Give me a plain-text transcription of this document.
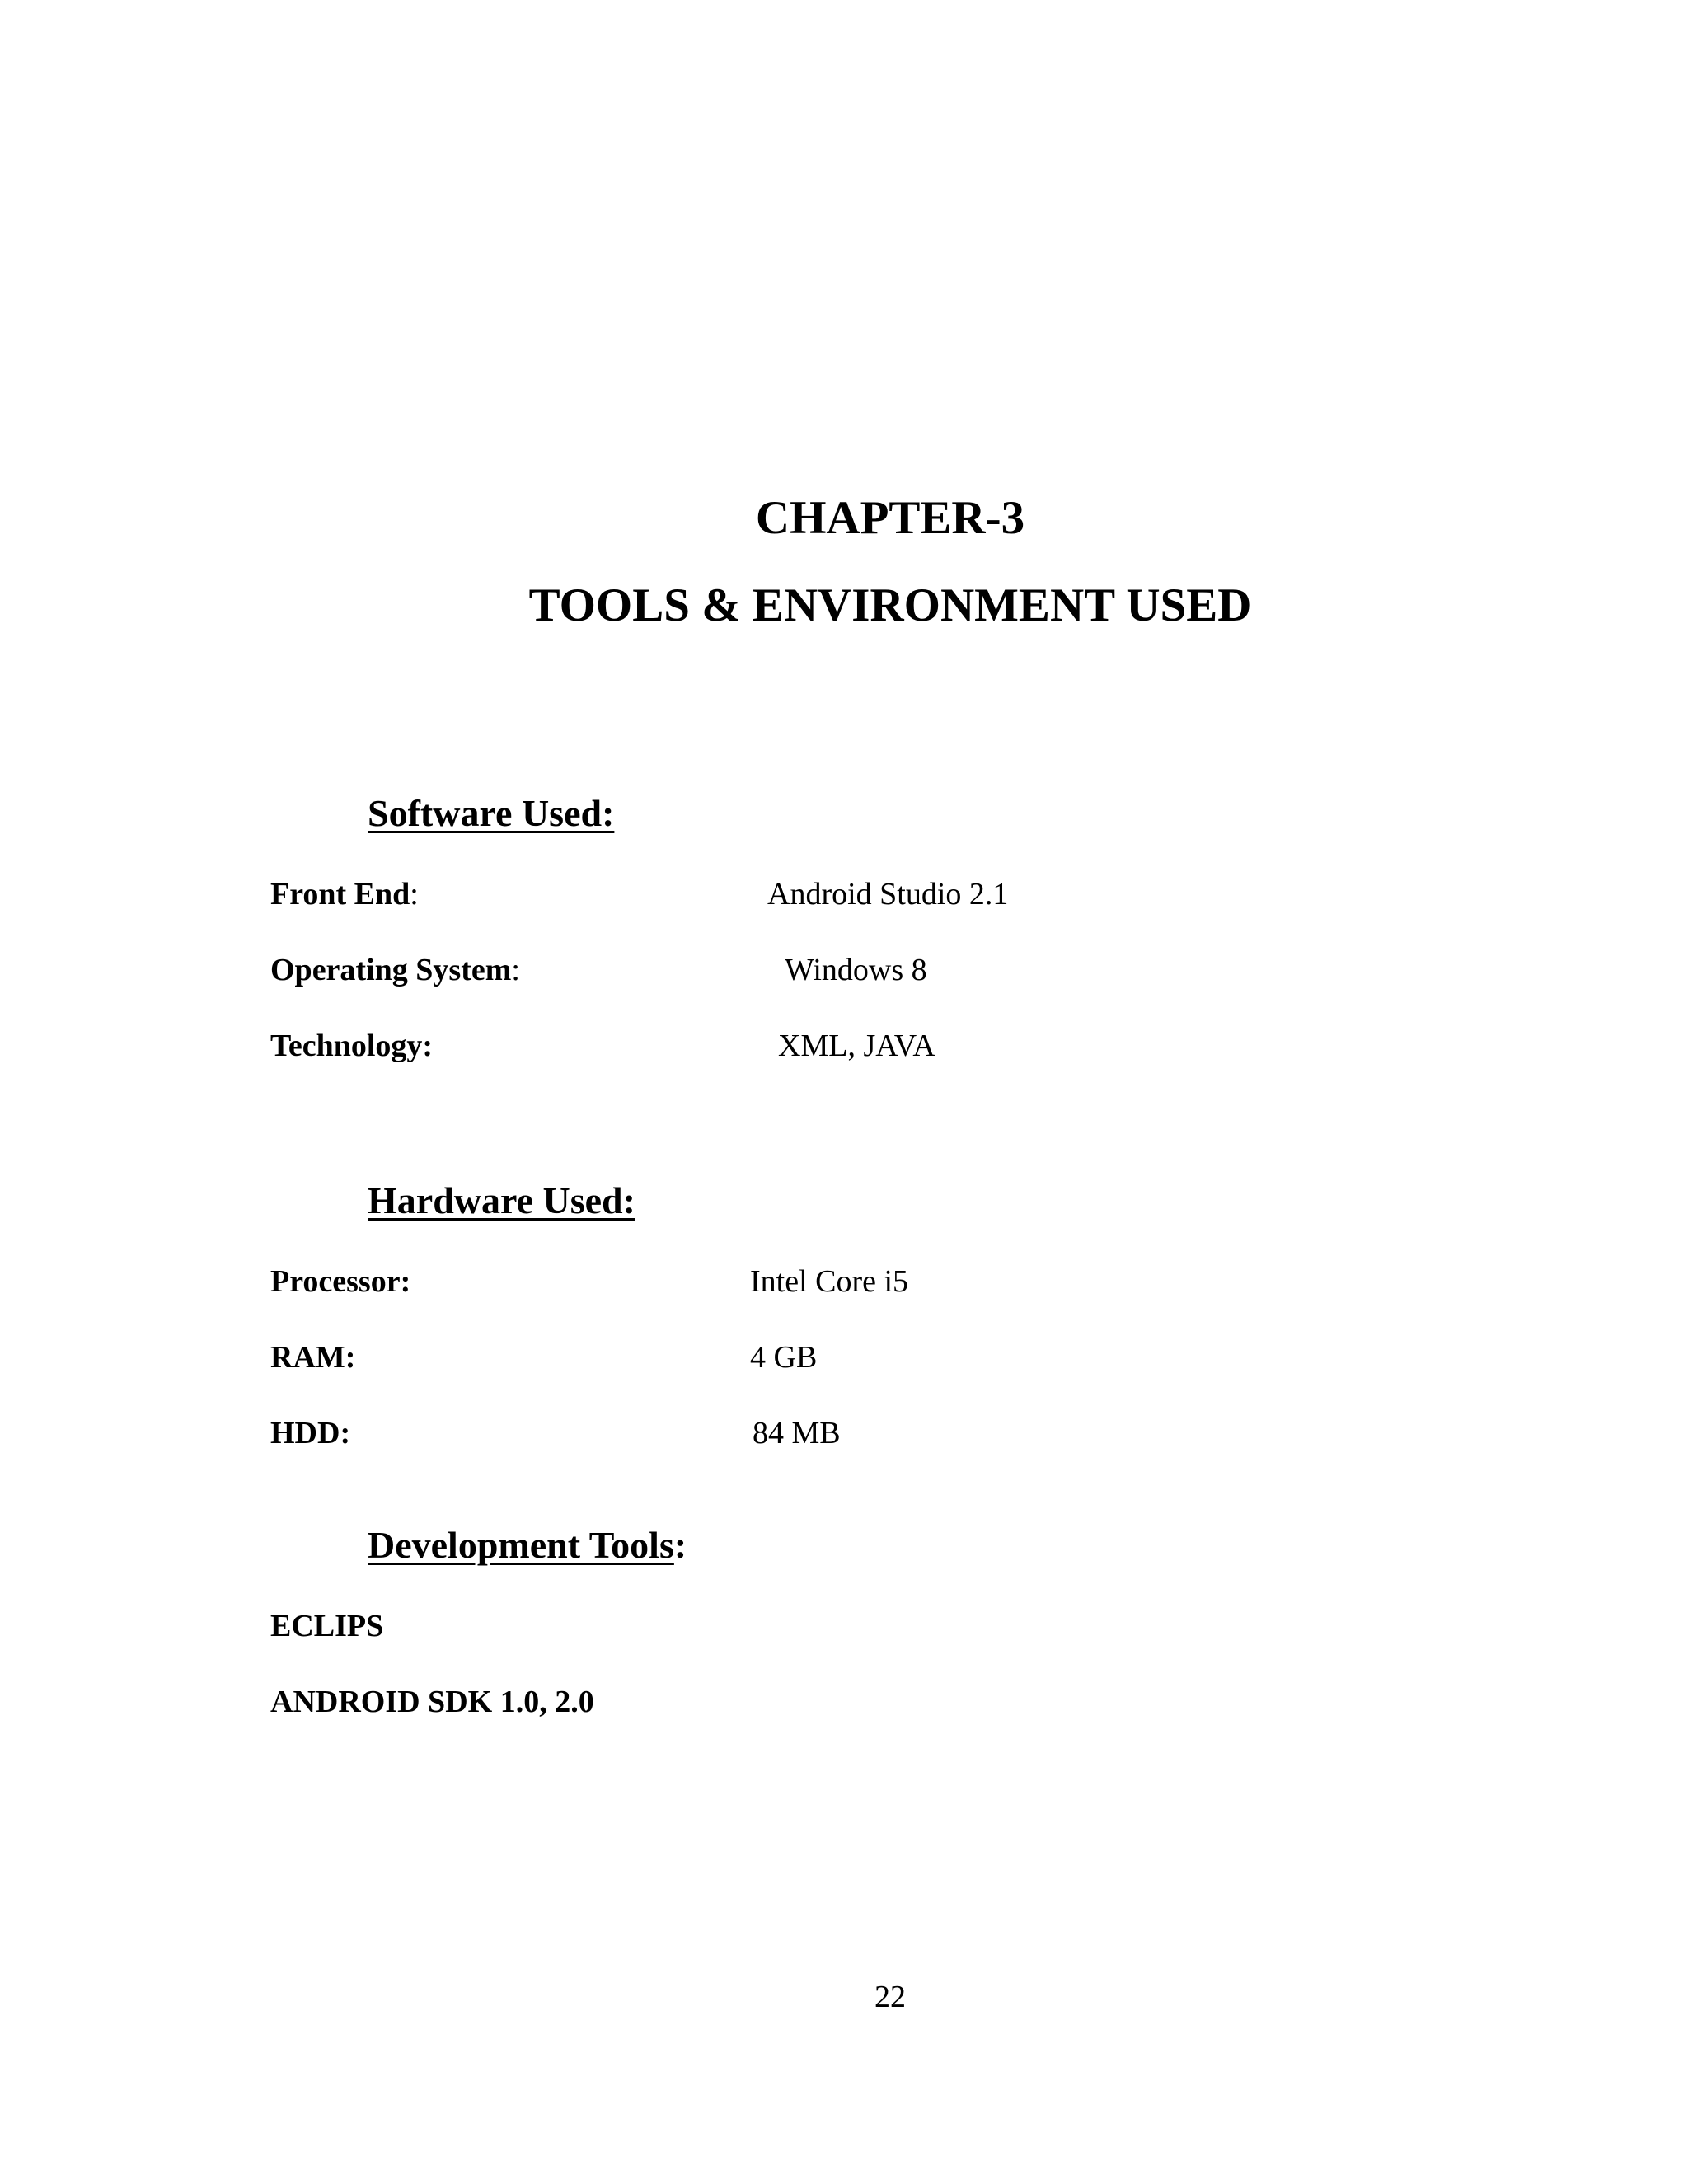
CHAPTER-3
TOOLS & ENVIRONMENT USED
Software Used:
Front End:	Android Studio 2.1
Operating System:	Windows 8
Technology:	XML, JAVA
Hardware Used:
Processor:	Intel Core i5
RAM:	4 GB
HDD:	84 MB
Development Tools:
ECLIPS
ANDROID SDK 1.0, 2.0
22
